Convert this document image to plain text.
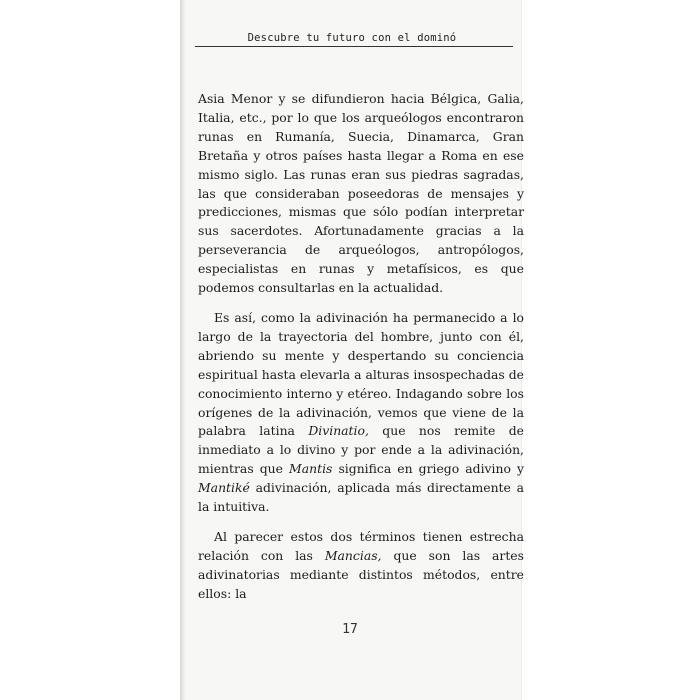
Descubre tu futuro con el dominó

Asia Menor y se difundieron hacia Bélgica, Galia, Italia, etc., por lo que los arqueólogos encontraron runas en Rumanía, Suecia, Dinamarca, Gran Bretaña y otros países hasta llegar a Roma en ese mismo siglo. Las runas eran sus piedras sagradas, las que consideraban poseedoras de mensajes y predicciones, mismas que sólo podían interpretar sus sacerdotes. Afortunadamente gracias a la perseverancia de arqueólogos, antropólogos, especialistas en runas y metafísicos, es que podemos consultarlas en la actualidad.

Es así, como la adivinación ha permanecido a lo largo de la trayectoria del hombre, junto con él, abriendo su mente y despertando su conciencia espiritual hasta elevarla a alturas insospechadas de conocimiento interno y etéreo. Indagando sobre los orígenes de la adivinación, vemos que viene de la palabra latina Divinatio, que nos remite de inmediato a lo divino y por ende a la adivinación, mientras que Mantis significa en griego adivino y Mantiké adivinación, aplicada más directamente a la intuitiva.

Al parecer estos dos términos tienen estrecha relación con las Mancias, que son las artes adivinatorias mediante distintos métodos, entre ellos: la

17
